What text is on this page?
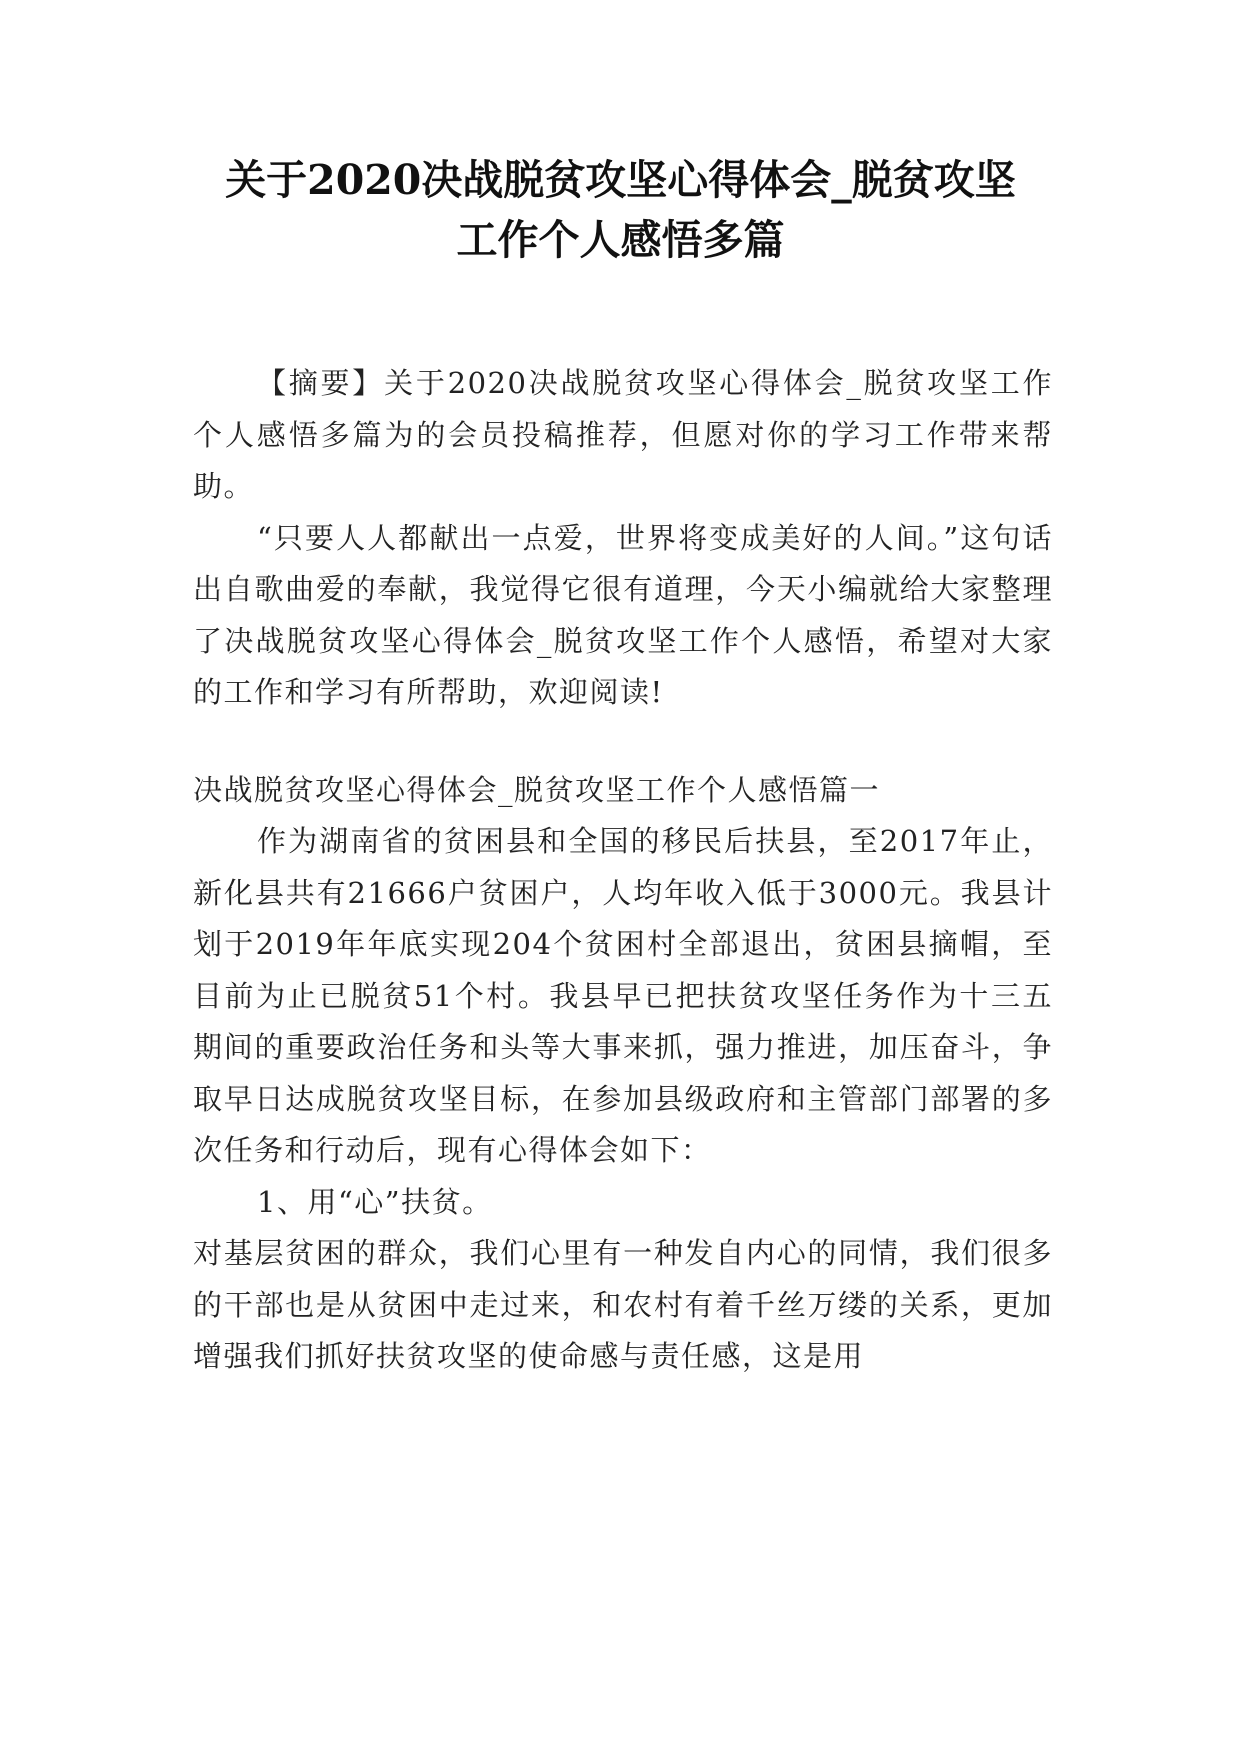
关于2020决战脱贫攻坚心得体会_脱贫攻坚
工作个人感悟多篇

【摘要】关于2020决战脱贫攻坚心得体会_脱贫攻坚工作个人感悟多篇为的会员投稿推荐，但愿对你的学习工作带来帮助。

“只要人人都献出一点爱，世界将变成美好的人间。”这句话出自歌曲爱的奉献，我觉得它很有道理，今天小编就给大家整理了决战脱贫攻坚心得体会_脱贫攻坚工作个人感悟，希望对大家的工作和学习有所帮助，欢迎阅读!

决战脱贫攻坚心得体会_脱贫攻坚工作个人感悟篇一

作为湖南省的贫困县和全国的移民后扶县，至2017年止，新化县共有21666户贫困户，人均年收入低于3000元。我县计划于2019年年底实现204个贫困村全部退出，贫困县摘帽，至目前为止已脱贫51个村。我县早已把扶贫攻坚任务作为十三五期间的重要政治任务和头等大事来抓，强力推进，加压奋斗，争取早日达成脱贫攻坚目标，在参加县级政府和主管部门部署的多次任务和行动后，现有心得体会如下：

1、用“心”扶贫。

对基层贫困的群众，我们心里有一种发自内心的同情，我们很多的干部也是从贫困中走过来，和农村有着千丝万缕的关系，更加增强我们抓好扶贫攻坚的使命感与责任感，这是用
